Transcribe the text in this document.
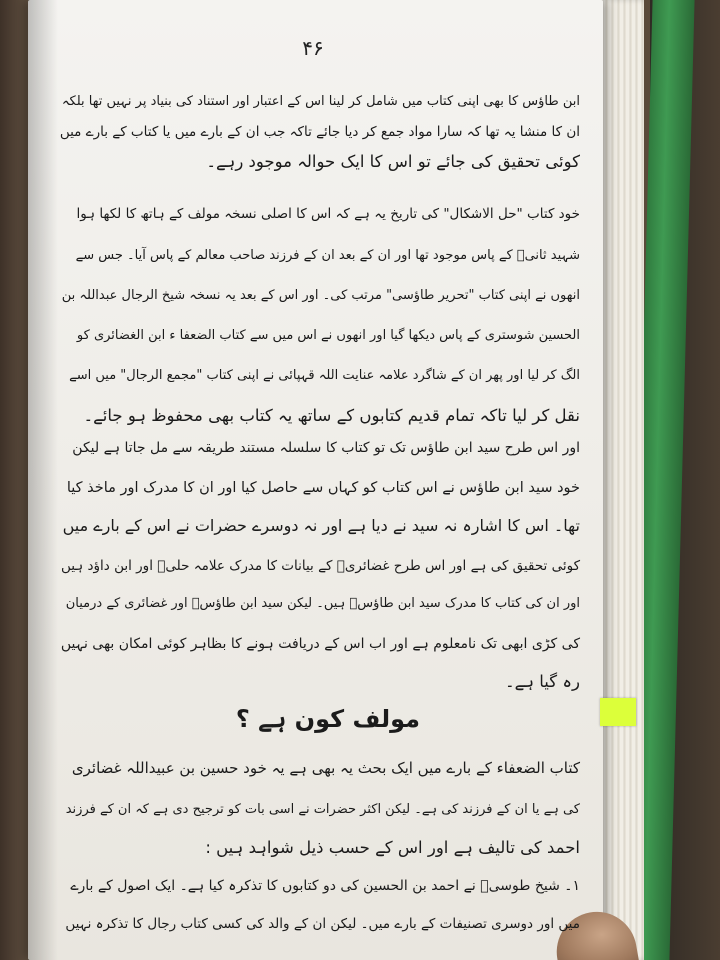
۴۶
ابن طاؤس کا بھی اپنی کتاب میں شامل کر لینا اس کے اعتبار اور استناد کی بنیاد پر نہیں تھا بلکہ
ان کا منشا یہ تھا کہ سارا مواد جمع کر دیا جائے تاکہ جب ان کے بارے میں یا کتاب کے بارے میں
کوئی تحقیق کی جائے تو اس کا ایک حوالہ موجود رہے۔
خود کتاب "حل الاشکال" کی تاریخ یہ ہے کہ اس کا اصلی نسخہ مولف کے ہاتھ کا لکھا ہوا
شہید ثانیؒ کے پاس موجود تھا اور ان کے بعد ان کے فرزند صاحب معالم کے پاس آیا۔ جس سے
انھوں نے اپنی کتاب "تحریر طاؤسی" مرتب کی۔ اور اس کے بعد یہ نسخہ شیخ الرجال عبداللہ بن
الحسین شوستری کے پاس دیکھا گیا اور انھوں نے اس میں سے کتاب الضعفا ء ابن الغضائری کو
الگ کر لیا اور پھر ان کے شاگرد علامہ عنایت اللہ قہپائی نے اپنی کتاب "مجمع الرجال" میں اسے
نقل کر لیا تاکہ تمام قدیم کتابوں کے ساتھ یہ کتاب بھی محفوظ ہو جائے۔
اور اس طرح سید ابن طاؤس تک تو کتاب کا سلسلہ مستند طریقہ سے مل جاتا ہے لیکن
خود سید ابن طاؤس نے اس کتاب کو کہاں سے حاصل کیا اور ان کا مدرک اور ماخذ کیا
تھا۔ اس کا اشارہ نہ سید نے دیا ہے اور نہ دوسرے حضرات نے اس کے بارے میں
کوئی تحقیق کی ہے اور اس طرح غضائریؒ کے بیانات کا مدرک علامہ حلیؒ اور ابن داؤد ہیں
اور ان کی کتاب کا مدرک سید ابن طاؤسؒ ہیں۔ لیکن سید ابن طاؤسؒ اور غضائری کے درمیان
کی کڑی ابھی تک نامعلوم ہے اور اب اس کے دریافت ہونے کا بظاہر کوئی امکان بھی نہیں
رہ گیا ہے۔
مولف کون ہے ؟
کتاب الضعفاء کے بارے میں ایک بحث یہ بھی ہے یہ خود حسین بن عبیداللہ غضائری
کی ہے یا ان کے فرزند کی ہے۔ لیکن اکثر حضرات نے اسی بات کو ترجیح دی ہے کہ ان کے فرزند
احمد کی تالیف ہے اور اس کے حسب ذیل شواہد ہیں :
۱۔ شیخ طوسیؒ نے احمد بن الحسین کی دو کتابوں کا تذکرہ کیا ہے۔ ایک اصول کے بارے
میں اور دوسری تصنیفات کے بارے میں۔ لیکن ان کے والد کی کسی کتاب رجال کا تذکرہ نہیں
